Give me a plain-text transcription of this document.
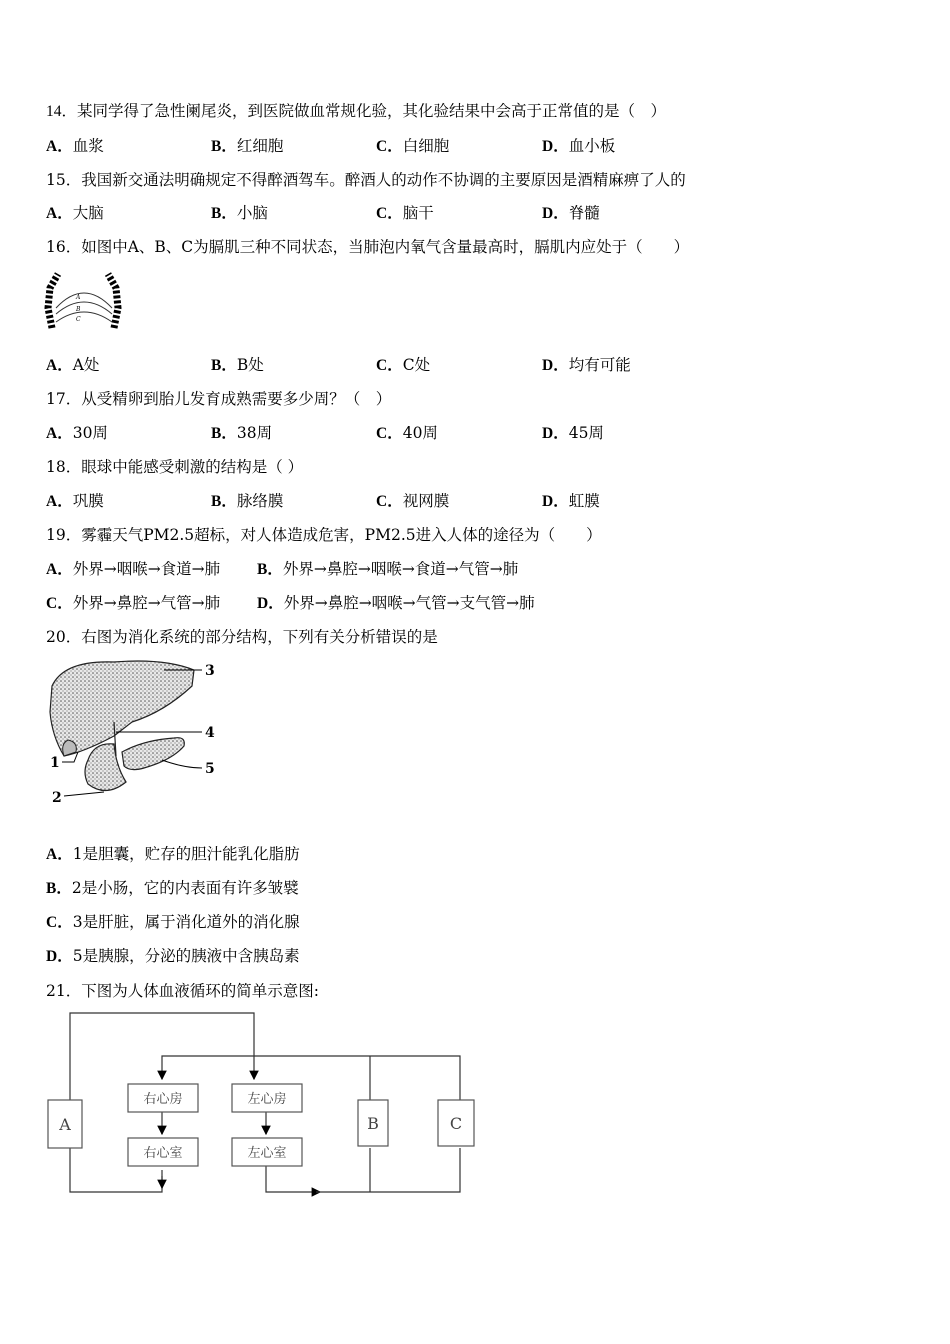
14．某同学得了急性阑尾炎，到医院做血常规化验，其化验结果中会高于正常值的是（　）
A．血浆	B．红细胞	C．白细胞	D．血小板
15．我国新交通法明确规定不得醉酒驾车。醉酒人的动作不协调的主要原因是酒精麻痹了人的
A．大脑	B．小脑	C．脑干	D．脊髓
16．如图中A、B、C为膈肌三种不同状态，当肺泡内氧气含量最高时，膈肌内应处于（　　）
A
B
C
A．A处	B．B处	C．C处	D．均有可能
17．从受精卵到胎儿发育成熟需要多少周？（　）
A．30周	B．38周	C．40周	D．45周
18．眼球中能感受刺激的结构是（ ）
A．巩膜	B．脉络膜	C．视网膜	D．虹膜
19．雾霾天气PM2.5超标，对人体造成危害，PM2.5进入人体的途径为（　　）
A．外界→咽喉→食道→肺 B．外界→鼻腔→咽喉→食道→气管→肺
C．外界→鼻腔→气管→肺 D．外界→鼻腔→咽喉→气管→支气管→肺
20．右图为消化系统的部分结构，下列有关分析错误的是
3
4
5
1
2
A．1是胆囊，贮存的胆汁能乳化脂肪
B．2是小肠，它的内表面有许多皱襞
C．3是肝脏，属于消化道外的消化腺
D．5是胰腺，分泌的胰液中含胰岛素
21．下图为人体血液循环的简单示意图:
A
右心房	左心房
右心室	左心室
B	C
